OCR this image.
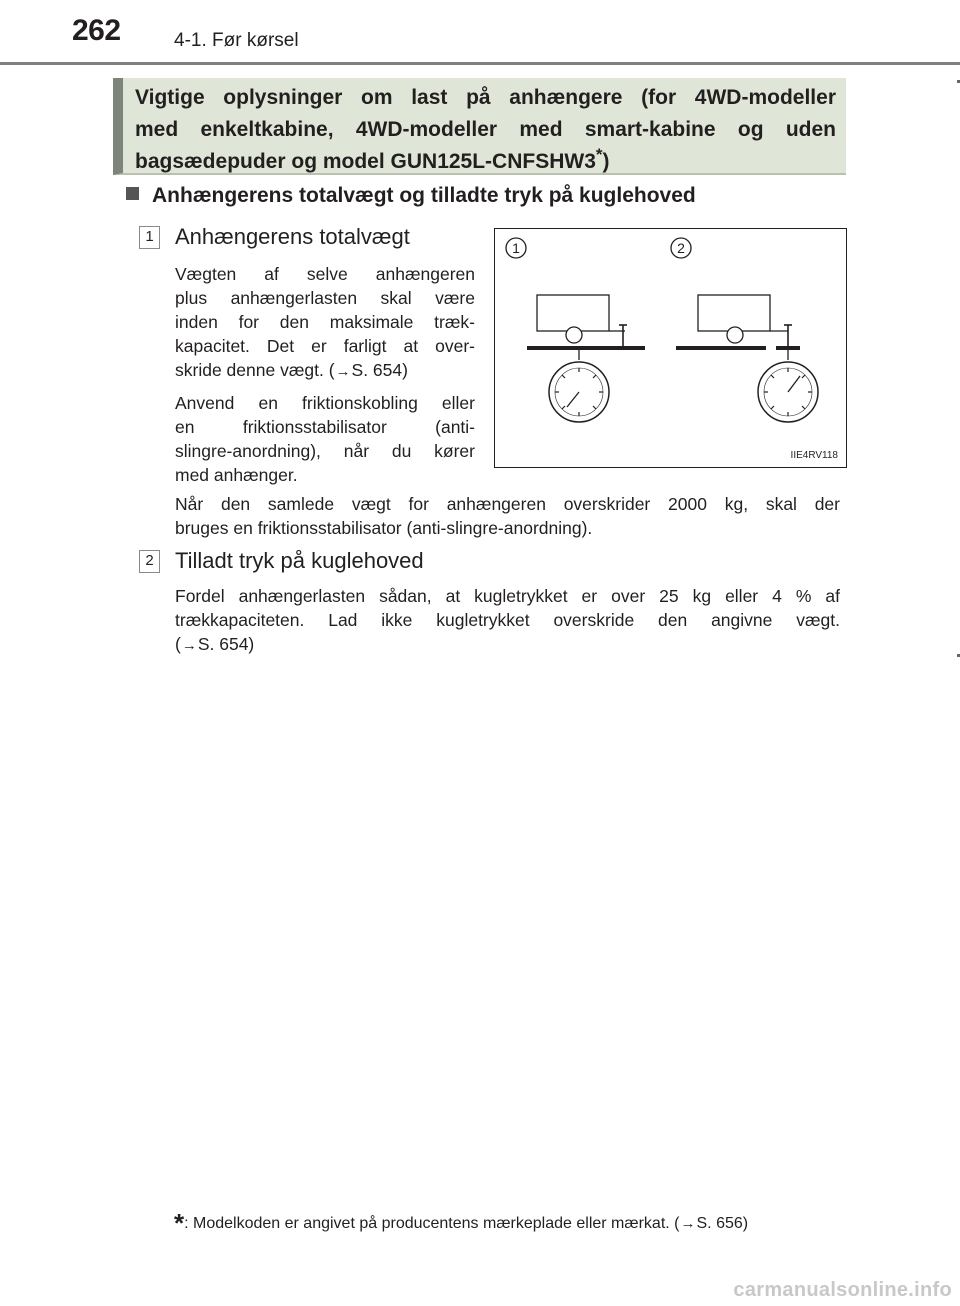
262	4-1. Før kørsel
Vigtige oplysninger om last på anhængere (for 4WD-modeller
med enkeltkabine, 4WD-modeller med smart-kabine og uden
bagsædepuder og model GUN125L-CNFSHW3*)
Anhængerens totalvægt og tilladte tryk på kuglehoved
1 Anhængerens totalvægt
Vægten af selve anhængeren
plus anhængerlasten skal være
inden for den maksimale træk-
kapacitet. Det er farligt at over-
skride denne vægt. (→S. 654)
Anvend en friktionskobling eller
en friktionsstabilisator (anti-
slingre-anordning), når du kører
med anhænger.
Når den samlede vægt for anhængeren overskrider 2000 kg, skal der
bruges en friktionsstabilisator (anti-slingre-anordning).
1	2
IIE4RV118
2 Tilladt tryk på kuglehoved
Fordel anhængerlasten sådan, at kugletrykket er over 25 kg eller 4 % af
trækkapaciteten. Lad ikke kugletrykket overskride den angivne vægt.
(→S. 654)
*: Modelkoden er angivet på producentens mærkeplade eller mærkat. (→S. 656)
carmanualsonline.info
